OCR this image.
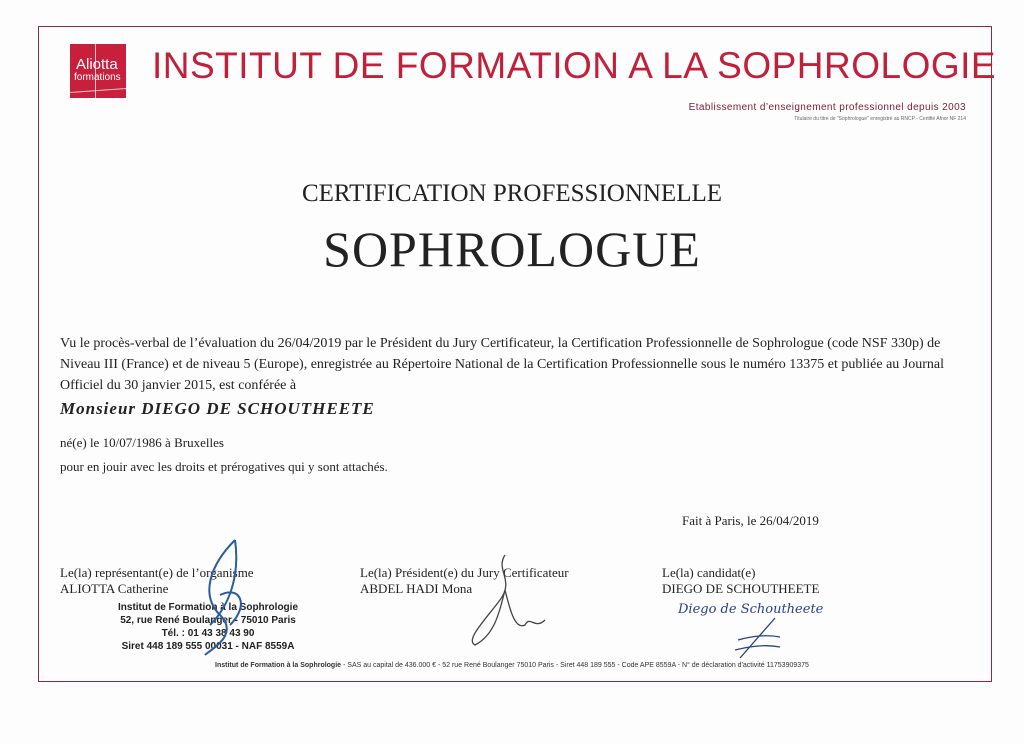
Aliotta
formations INSTITUT DE FORMATION A LA SOPHROLOGIE
Etablissement d’enseignement professionnel depuis 2003
Titulaire du titre de "Sophrologue" enregistré au RNCP - Certifié Afnor NF 214
CERTIFICATION PROFESSIONNELLE
SOPHROLOGUE
Vu le procès-verbal de l’évaluation du 26/04/2019 par le Président du Jury Certificateur, la Certification Professionnelle de Sophrologue (code NSF 330p) de Niveau III (France) et de niveau 5 (Europe), enregistrée au Répertoire National de la Certification Professionnelle sous le numéro 13375 et publiée au Journal Officiel du 30 janvier 2015, est conférée à
Monsieur DIEGO DE SCHOUTHEETE
né(e) le 10/07/1986 à Bruxelles
pour en jouir avec les droits et prérogatives qui y sont attachés.
Fait à Paris, le 26/04/2019
Le(la) représentant(e) de l’organisme
ALIOTTA Catherine
Institut de Formation à la Sophrologie
52, rue René Boulanger - 75010 Paris
Tél. : 01 43 38 43 90
Siret 448 189 555 00031 - NAF 8559A
Le(la) Président(e) du Jury Certificateur
ABDEL HADI Mona
Le(la) candidat(e)
DIEGO DE SCHOUTHEETE
Diego de Schoutheete
Institut de Formation à la Sophrologie - SAS au capital de 436.000 € - 52 rue René Boulanger 75010 Paris - Siret 448 189 555 - Code APE 8559A - N° de déclaration d'activité 11753909375
